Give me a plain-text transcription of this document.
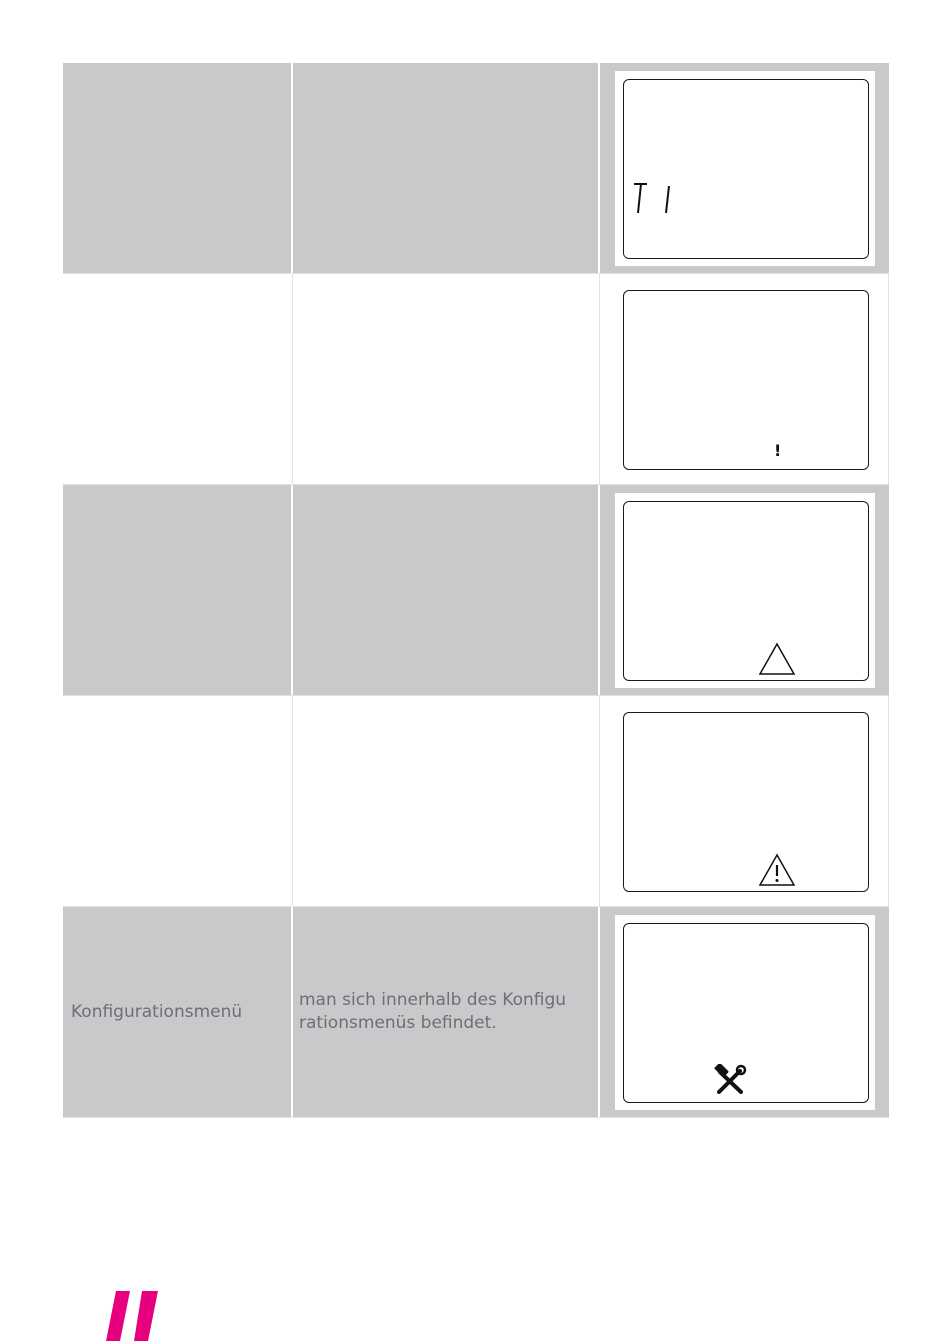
!
Konfigurationsmenü
man sich innerhalb des Konfigu rationsmenüs befindet.
